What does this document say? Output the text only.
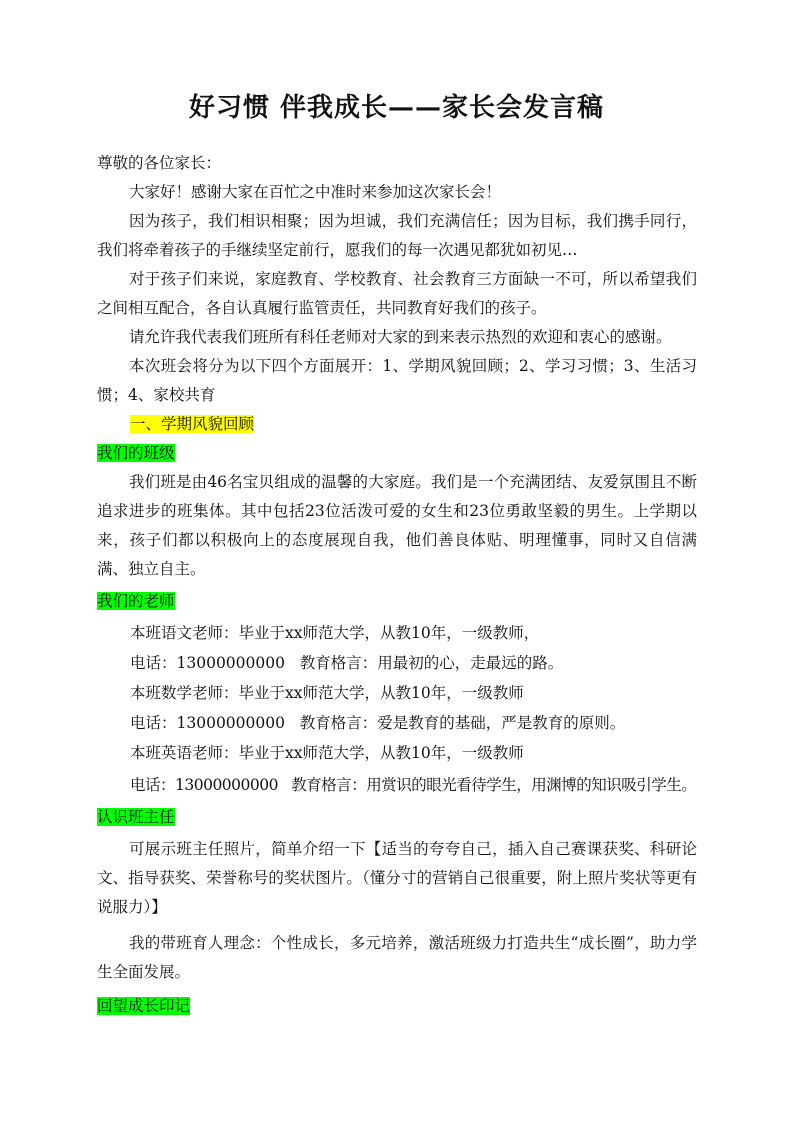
好习惯 伴我成长——家长会发言稿
尊敬的各位家长：
大家好！感谢大家在百忙之中准时来参加这次家长会！
因为孩子，我们相识相聚；因为坦诚，我们充满信任；因为目标，我们携手同行，我们将牵着孩子的手继续坚定前行，愿我们的每一次遇见都犹如初见…
对于孩子们来说，家庭教育、学校教育、社会教育三方面缺一不可，所以希望我们之间相互配合，各自认真履行监管责任，共同教育好我们的孩子。
请允许我代表我们班所有科任老师对大家的到来表示热烈的欢迎和衷心的感谢。
本次班会将分为以下四个方面展开：1、学期风貌回顾；2、学习习惯；3、生活习惯；4、家校共育
一、学期风貌回顾
我们的班级
我们班是由46名宝贝组成的温馨的大家庭。我们是一个充满团结、友爱氛围且不断追求进步的班集体。其中包括23位活泼可爱的女生和23位勇敢坚毅的男生。上学期以来，孩子们都以积极向上的态度展现自我，他们善良体贴、明理懂事，同时又自信满满、独立自主。
我们的老师
本班语文老师：毕业于xx师范大学，从教10年，一级教师，
电话：13000000000   教育格言：用最初的心，走最远的路。
本班数学老师：毕业于xx师范大学，从教10年，一级教师
电话：13000000000   教育格言：爱是教育的基础，严是教育的原则。
本班英语老师：毕业于xx师范大学，从教10年，一级教师
电话：13000000000   教育格言：用赏识的眼光看待学生，用渊博的知识吸引学生。
认识班主任
可展示班主任照片，简单介绍一下【适当的夸夸自己，插入自己赛课获奖、科研论文、指导获奖、荣誉称号的奖状图片。（懂分寸的营销自己很重要，附上照片奖状等更有说服力）】
我的带班育人理念：个性成长，多元培养，激活班级力打造共生“成长圈”，助力学生全面发展。
回望成长印记
